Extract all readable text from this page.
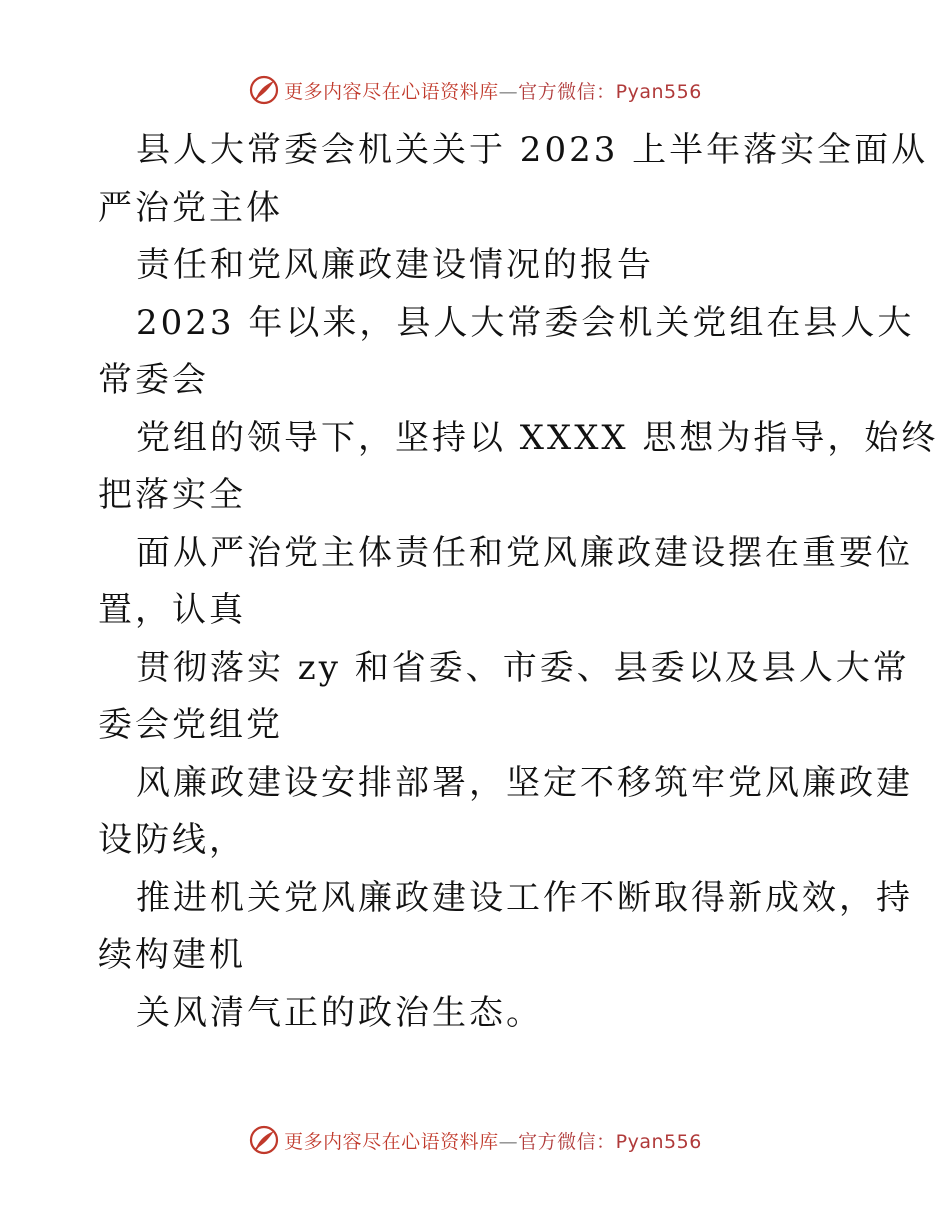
更多内容尽在心语资料库—官方微信：Pyan556
县人大常委会机关关于 2023 上半年落实全面从
严治党主体
责任和党风廉政建设情况的报告
2023 年以来，县人大常委会机关党组在县人大
常委会
党组的领导下，坚持以 XXXX 思想为指导，始终
把落实全
面从严治党主体责任和党风廉政建设摆在重要位
置，认真
贯彻落实 zy 和省委、市委、县委以及县人大常
委会党组党
风廉政建设安排部署，坚定不移筑牢党风廉政建
设防线，
推进机关党风廉政建设工作不断取得新成效，持
续构建机
关风清气正的政治生态。
更多内容尽在心语资料库—官方微信：Pyan556
